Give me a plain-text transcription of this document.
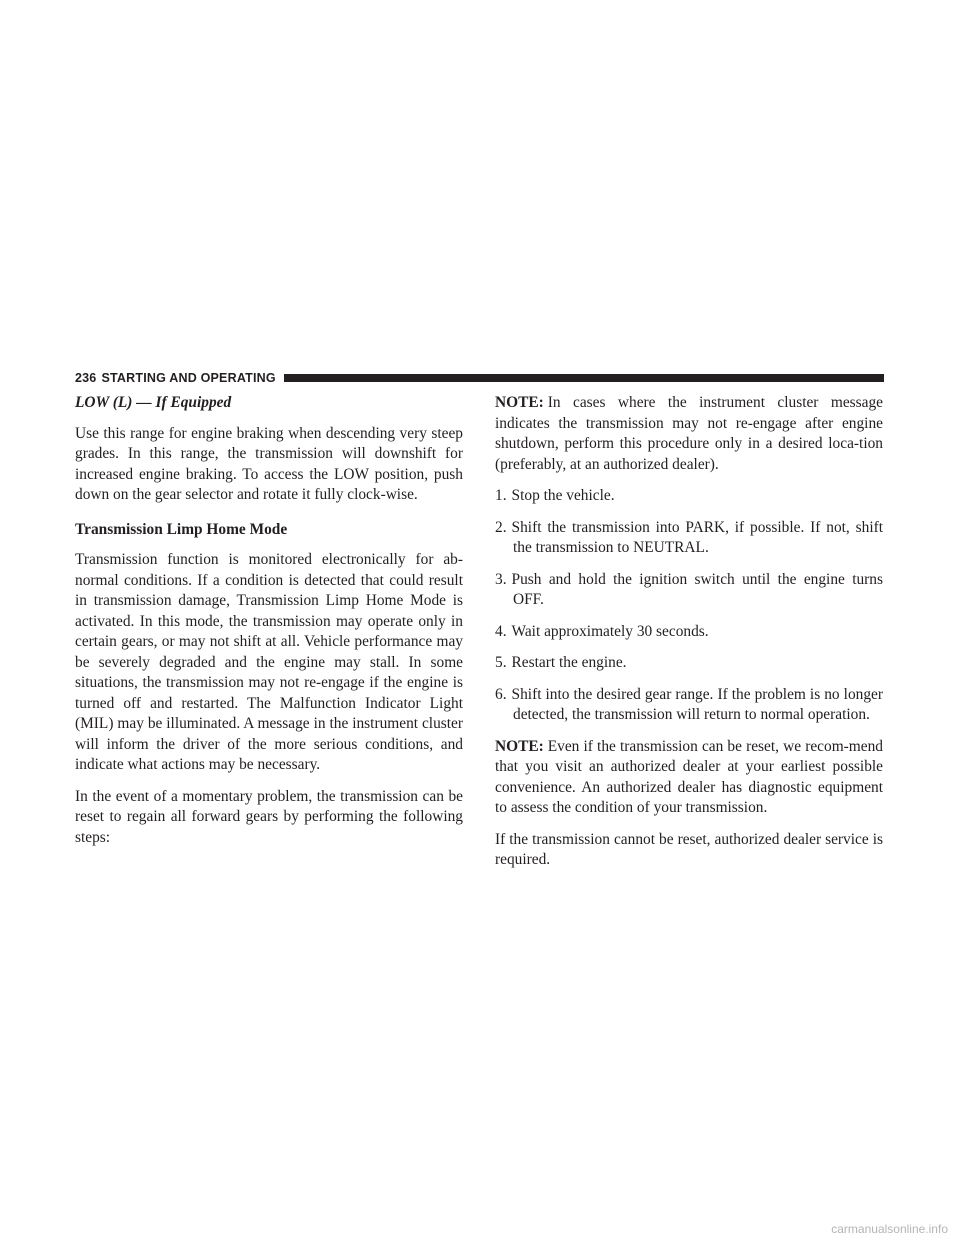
236 STARTING AND OPERATING

LOW (L) — If Equipped

Use this range for engine braking when descending very steep grades. In this range, the transmission will downshift for increased engine braking. To access the LOW position, push down on the gear selector and rotate it fully clock-wise.

Transmission Limp Home Mode

Transmission function is monitored electronically for ab-normal conditions. If a condition is detected that could result in transmission damage, Transmission Limp Home Mode is activated. In this mode, the transmission may operate only in certain gears, or may not shift at all. Vehicle performance may be severely degraded and the engine may stall. In some situations, the transmission may not re-engage if the engine is turned off and restarted. The Malfunction Indicator Light (MIL) may be illuminated. A message in the instrument cluster will inform the driver of the more serious conditions, and indicate what actions may be necessary.

In the event of a momentary problem, the transmission can be reset to regain all forward gears by performing the following steps:

NOTE: In cases where the instrument cluster message indicates the transmission may not re-engage after engine shutdown, perform this procedure only in a desired loca-tion (preferably, at an authorized dealer).

1. Stop the vehicle.
2. Shift the transmission into PARK, if possible. If not, shift the transmission to NEUTRAL.
3. Push and hold the ignition switch until the engine turns OFF.
4. Wait approximately 30 seconds.
5. Restart the engine.
6. Shift into the desired gear range. If the problem is no longer detected, the transmission will return to normal operation.

NOTE: Even if the transmission can be reset, we recom-mend that you visit an authorized dealer at your earliest possible convenience. An authorized dealer has diagnostic equipment to assess the condition of your transmission.

If the transmission cannot be reset, authorized dealer service is required.

carmanualsonline.info
